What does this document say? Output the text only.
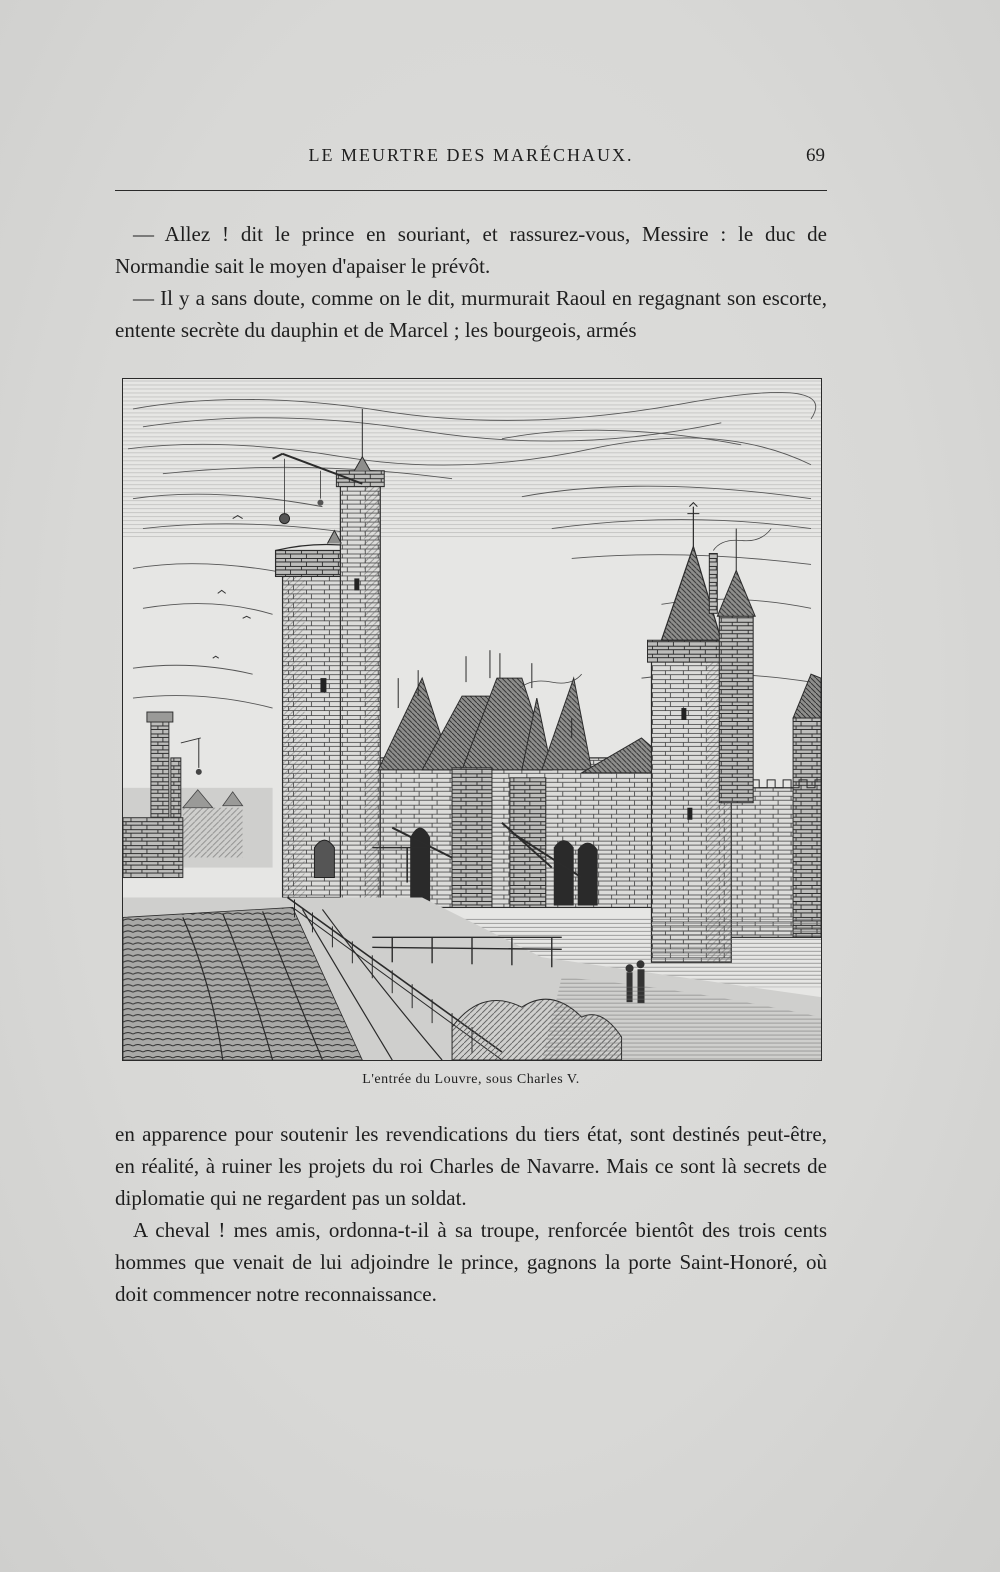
LE MEURTRE DES MARÉCHAUX.	69

— Allez ! dit le prince en souriant, et rassurez-vous, Messire : le duc de Normandie sait le moyen d'apaiser le prévôt.

— Il y a sans doute, comme on le dit, murmurait Raoul en regagnant son escorte, entente secrète du dauphin et de Marcel ; les bourgeois, armés

L'entrée du Louvre, sous Charles V.

en apparence pour soutenir les revendications du tiers état, sont destinés peut-être, en réalité, à ruiner les projets du roi Charles de Navarre. Mais ce sont là secrets de diplomatie qui ne regardent pas un soldat.

A cheval ! mes amis, ordonna-t-il à sa troupe, renforcée bientôt des trois cents hommes que venait de lui adjoindre le prince, gagnons la porte Saint-Honoré, où doit commencer notre reconnaissance.
